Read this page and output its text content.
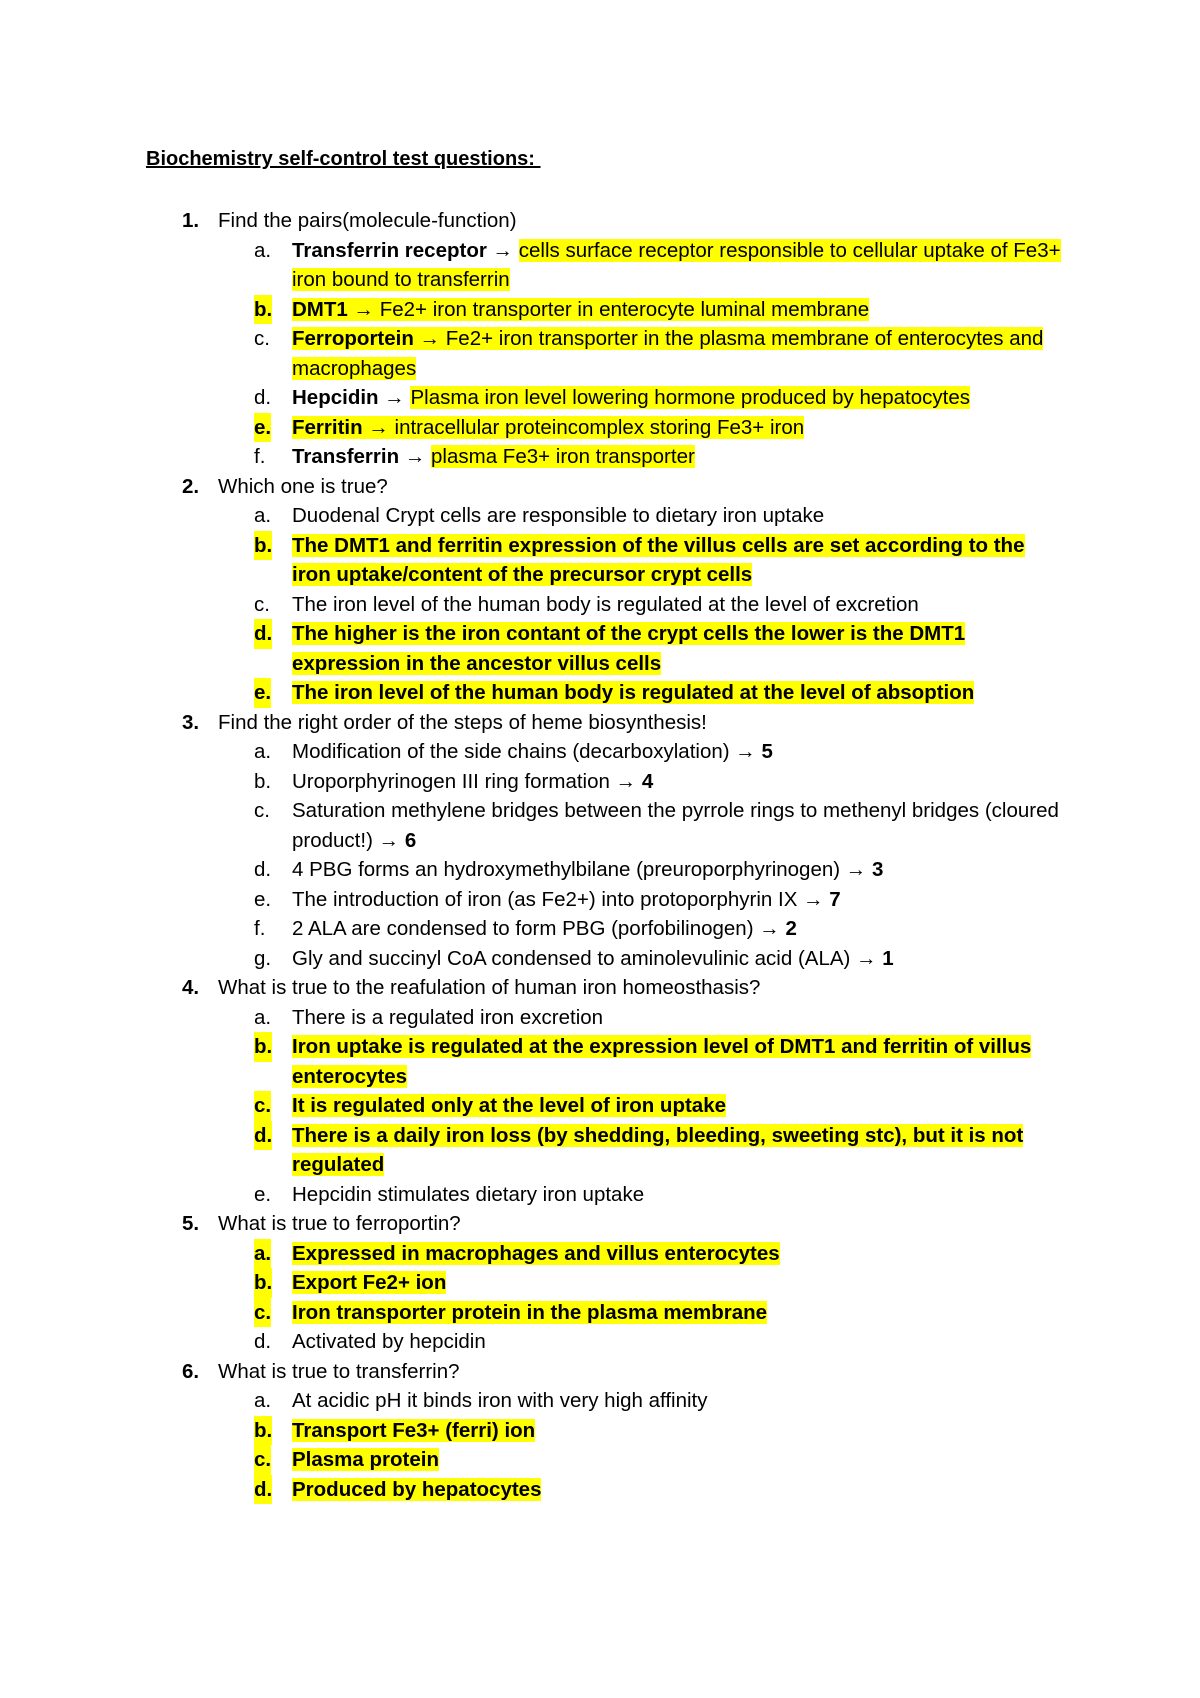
Biochemistry self-control test questions:
1. Find the pairs(molecule-function)
a. Transferrin receptor → cells surface receptor responsible to cellular uptake of Fe3+ iron bound to transferrin
b. DMT1 → Fe2+ iron transporter in enterocyte luminal membrane
c. Ferroportein → Fe2+ iron transporter in the plasma membrane of enterocytes and macrophages
d. Hepcidin → Plasma iron level lowering hormone produced by hepatocytes
e. Ferritin → intracellular proteincomplex storing Fe3+ iron
f. Transferrin → plasma Fe3+ iron transporter
2. Which one is true?
a. Duodenal Crypt cells are responsible to dietary iron uptake
b. The DMT1 and ferritin expression of the villus cells are set according to the iron uptake/content of the precursor crypt cells
c. The iron level of the human body is regulated at the level of excretion
d. The higher is the iron contant of the crypt cells the lower is the DMT1 expression in the ancestor villus cells
e. The iron level of the human body is regulated at the level of absoption
3. Find the right order of the steps of heme biosynthesis!
a. Modification of the side chains (decarboxylation) → 5
b. Uroporphyrinogen III ring formation → 4
c. Saturation methylene bridges between the pyrrole rings to methenyl bridges (cloured product!) → 6
d. 4 PBG forms an hydroxymethylbilane (preuroporphyrinogen) → 3
e. The introduction of iron (as Fe2+) into protoporphyrin IX → 7
f. 2 ALA are condensed to form PBG (porfobilinogen) → 2
g. Gly and succinyl CoA condensed to aminolevulinic acid (ALA) → 1
4. What is true to the reafulation of human iron homeosthasis?
a. There is a regulated iron excretion
b. Iron uptake is regulated at the expression level of DMT1 and ferritin of villus enterocytes
c. It is regulated only at the level of iron uptake
d. There is a daily iron loss (by shedding, bleeding, sweeting stc), but it is not regulated
e. Hepcidin stimulates dietary iron uptake
5. What is true to ferroportin?
a. Expressed in macrophages and villus enterocytes
b. Export Fe2+ ion
c. Iron transporter protein in the plasma membrane
d. Activated by hepcidin
6. What is true to transferrin?
a. At acidic pH it binds iron with very high affinity
b. Transport Fe3+ (ferri) ion
c. Plasma protein
d. Produced by hepatocytes
